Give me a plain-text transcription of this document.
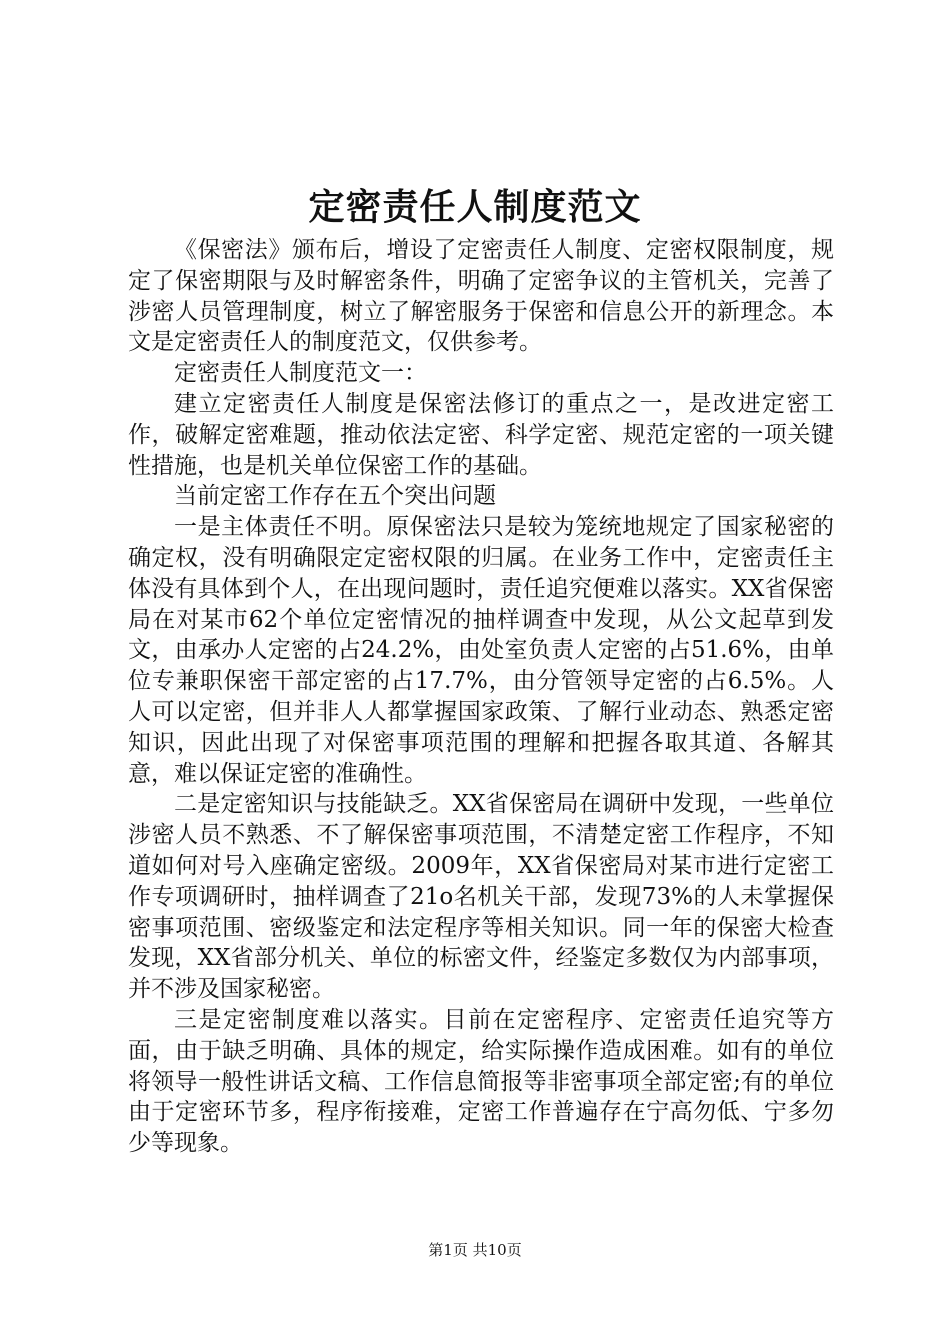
定密责任人制度范文

《保密法》颁布后，增设了定密责任人制度、定密权限制度，规定了保密期限与及时解密条件，明确了定密争议的主管机关，完善了涉密人员管理制度，树立了解密服务于保密和信息公开的新理念。本文是定密责任人的制度范文，仅供参考。

定密责任人制度范文一：

建立定密责任人制度是保密法修订的重点之一，是改进定密工作，破解定密难题，推动依法定密、科学定密、规范定密的一项关键性措施，也是机关单位保密工作的基础。

当前定密工作存在五个突出问题

一是主体责任不明。原保密法只是较为笼统地规定了国家秘密的确定权，没有明确限定定密权限的归属。在业务工作中，定密责任主体没有具体到个人，在出现问题时，责任追究便难以落实。XX省保密局在对某市62个单位定密情况的抽样调查中发现，从公文起草到发文，由承办人定密的占24.2%，由处室负责人定密的占51.6%，由单位专兼职保密干部定密的占17.7%，由分管领导定密的占6.5%。人人可以定密，但并非人人都掌握国家政策、了解行业动态、熟悉定密知识，因此出现了对保密事项范围的理解和把握各取其道、各解其意，难以保证定密的准确性。

二是定密知识与技能缺乏。XX省保密局在调研中发现，一些单位涉密人员不熟悉、不了解保密事项范围，不清楚定密工作程序，不知道如何对号入座确定密级。2009年，XX省保密局对某市进行定密工作专项调研时，抽样调查了21o名机关干部，发现73%的人未掌握保密事项范围、密级鉴定和法定程序等相关知识。同一年的保密大检查发现，XX省部分机关、单位的标密文件，经鉴定多数仅为内部事项，并不涉及国家秘密。

三是定密制度难以落实。目前在定密程序、定密责任追究等方面，由于缺乏明确、具体的规定，给实际操作造成困难。如有的单位将领导一般性讲话文稿、工作信息简报等非密事项全部定密;有的单位由于定密环节多，程序衔接难，定密工作普遍存在宁高勿低、宁多勿少等现象。

第1页 共10页
